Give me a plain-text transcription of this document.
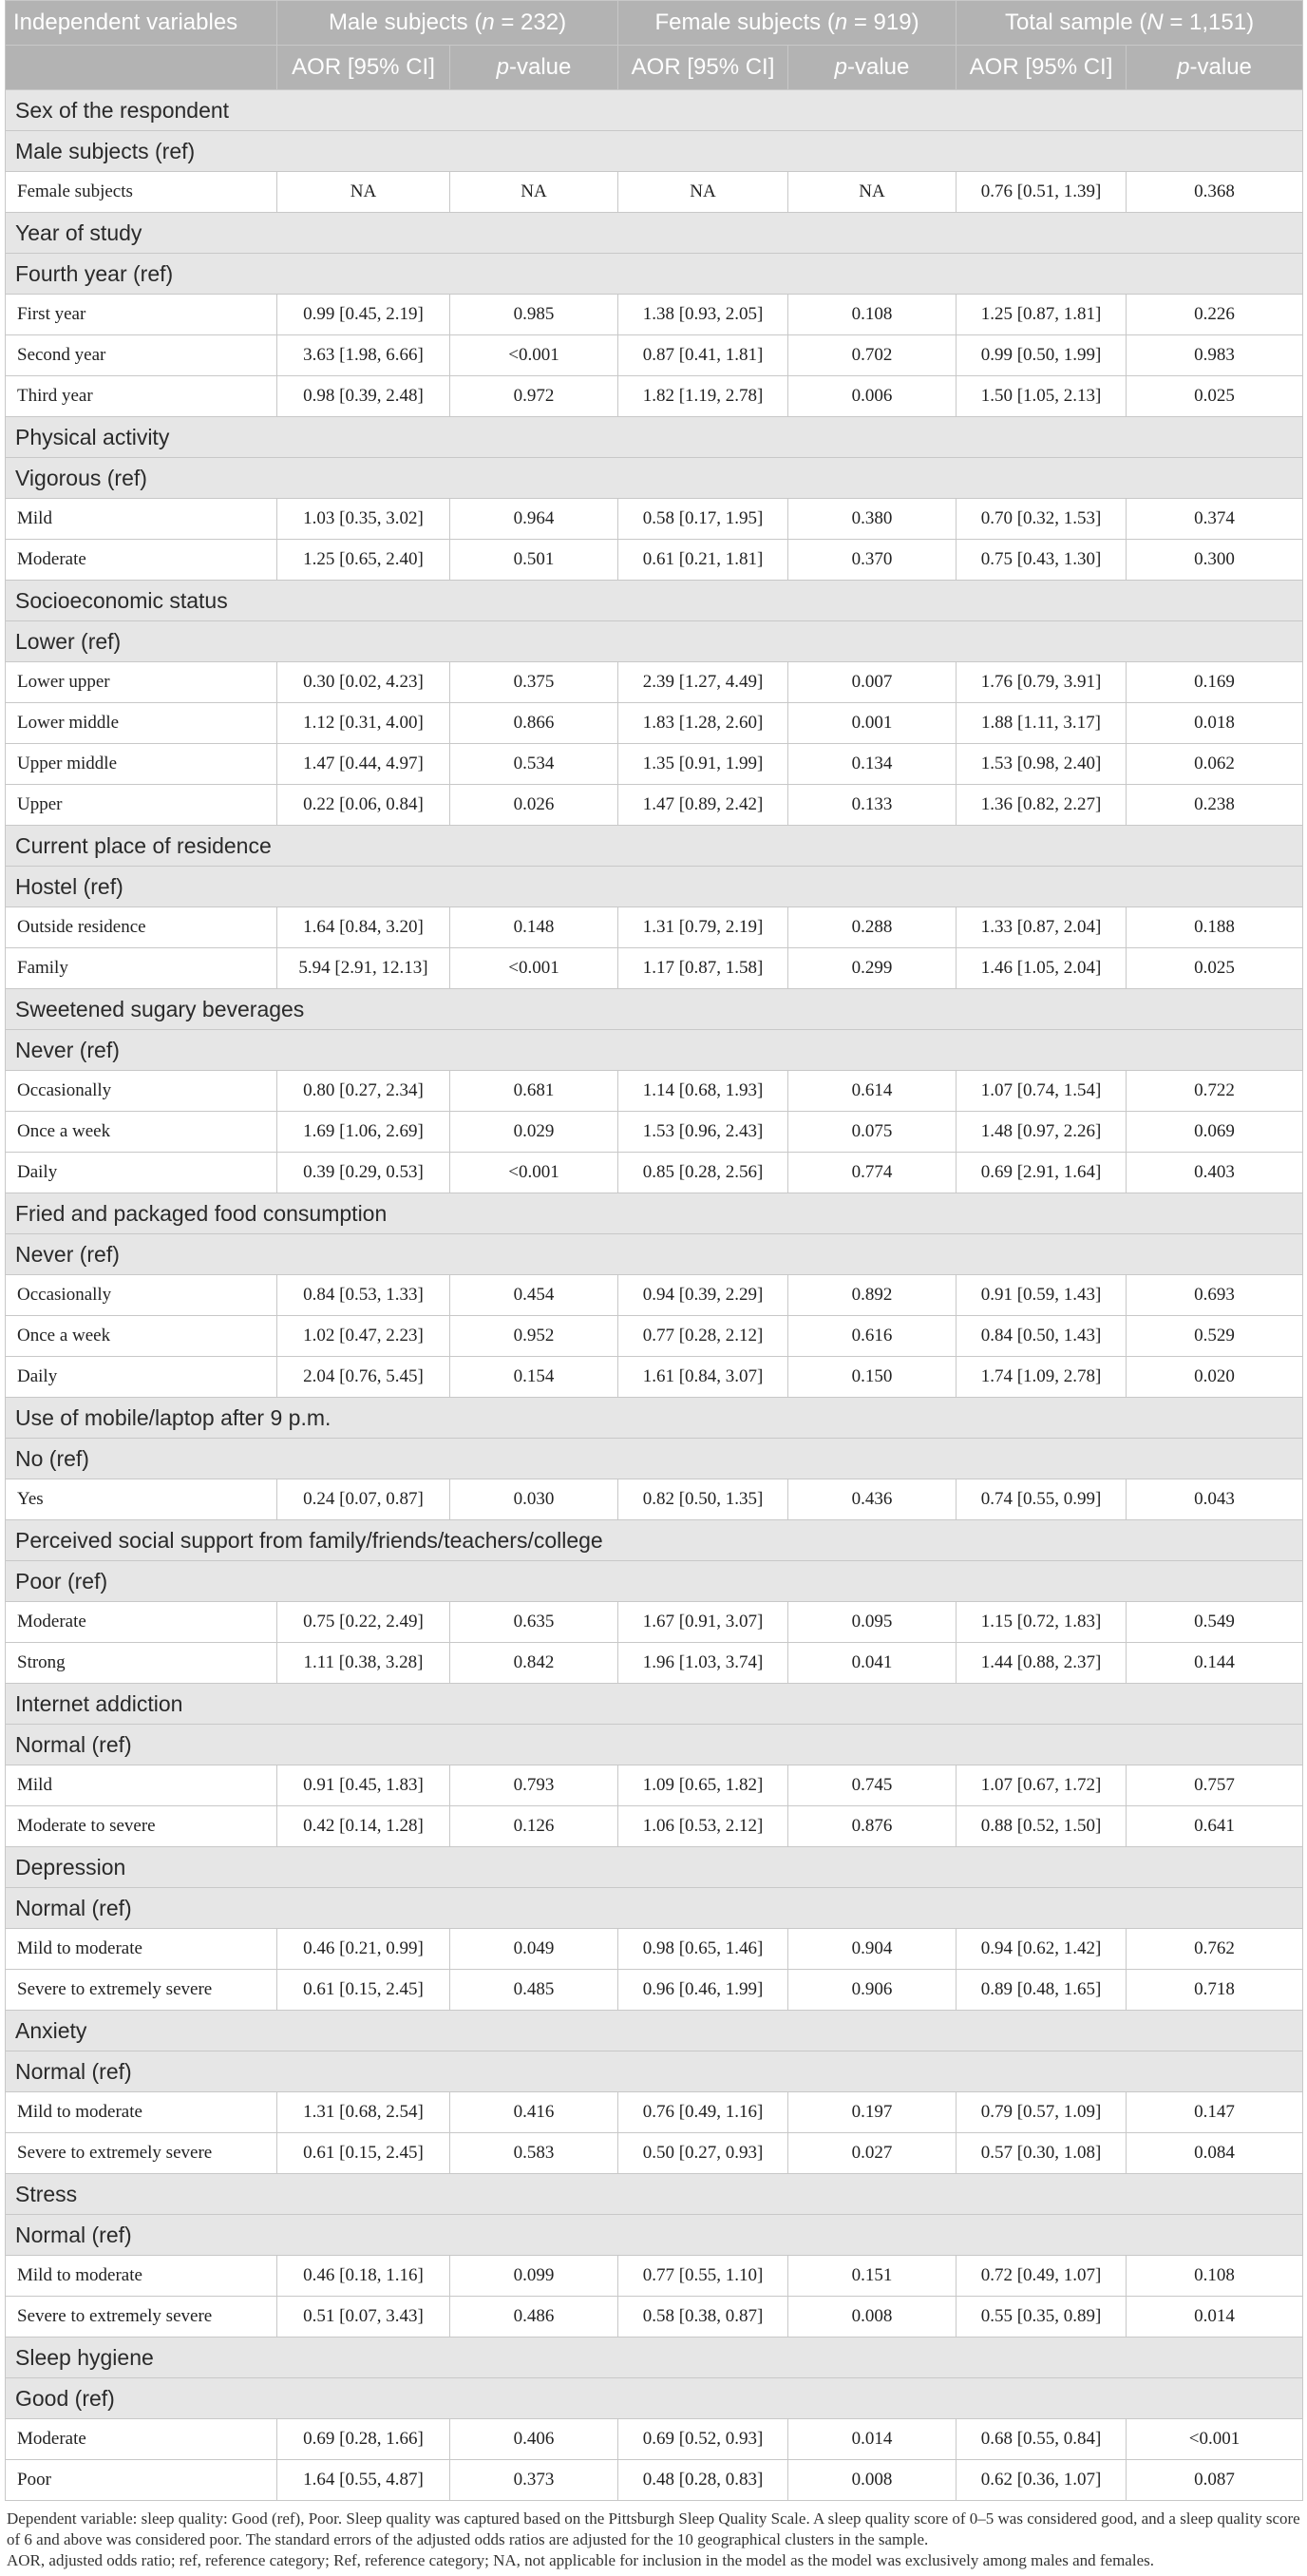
Independent variables	Male subjects (n = 232)		Female subjects (n = 919)		Total sample (N = 1,151)	
	AOR [95% CI]	p-value	AOR [95% CI]	p-value	AOR [95% CI]	p-value
Sex of the respondent						
Male subjects (ref)						
Female subjects	NA	NA	NA	NA	0.76 [0.51, 1.39]	0.368
Year of study						
Fourth year (ref)						
First year	0.99 [0.45, 2.19]	0.985	1.38 [0.93, 2.05]	0.108	1.25 [0.87, 1.81]	0.226
Second year	3.63 [1.98, 6.66]	<0.001	0.87 [0.41, 1.81]	0.702	0.99 [0.50, 1.99]	0.983
Third year	0.98 [0.39, 2.48]	0.972	1.82 [1.19, 2.78]	0.006	1.50 [1.05, 2.13]	0.025
Physical activity						
Vigorous (ref)						
Mild	1.03 [0.35, 3.02]	0.964	0.58 [0.17, 1.95]	0.380	0.70 [0.32, 1.53]	0.374
Moderate	1.25 [0.65, 2.40]	0.501	0.61 [0.21, 1.81]	0.370	0.75 [0.43, 1.30]	0.300
Socioeconomic status						
Lower (ref)						
Lower upper	0.30 [0.02, 4.23]	0.375	2.39 [1.27, 4.49]	0.007	1.76 [0.79, 3.91]	0.169
Lower middle	1.12 [0.31, 4.00]	0.866	1.83 [1.28, 2.60]	0.001	1.88 [1.11, 3.17]	0.018
Upper middle	1.47 [0.44, 4.97]	0.534	1.35 [0.91, 1.99]	0.134	1.53 [0.98, 2.40]	0.062
Upper	0.22 [0.06, 0.84]	0.026	1.47 [0.89, 2.42]	0.133	1.36 [0.82, 2.27]	0.238
Current place of residence						
Hostel (ref)						
Outside residence	1.64 [0.84, 3.20]	0.148	1.31 [0.79, 2.19]	0.288	1.33 [0.87, 2.04]	0.188
Family	5.94 [2.91, 12.13]	<0.001	1.17 [0.87, 1.58]	0.299	1.46 [1.05, 2.04]	0.025
Sweetened sugary beverages						
Never (ref)						
Occasionally	0.80 [0.27, 2.34]	0.681	1.14 [0.68, 1.93]	0.614	1.07 [0.74, 1.54]	0.722
Once a week	1.69 [1.06, 2.69]	0.029	1.53 [0.96, 2.43]	0.075	1.48 [0.97, 2.26]	0.069
Daily	0.39 [0.29, 0.53]	<0.001	0.85 [0.28, 2.56]	0.774	0.69 [2.91, 1.64]	0.403
Fried and packaged food consumption						
Never (ref)						
Occasionally	0.84 [0.53, 1.33]	0.454	0.94 [0.39, 2.29]	0.892	0.91 [0.59, 1.43]	0.693
Once a week	1.02 [0.47, 2.23]	0.952	0.77 [0.28, 2.12]	0.616	0.84 [0.50, 1.43]	0.529
Daily	2.04 [0.76, 5.45]	0.154	1.61 [0.84, 3.07]	0.150	1.74 [1.09, 2.78]	0.020
Use of mobile/laptop after 9 p.m.						
No (ref)						
Yes	0.24 [0.07, 0.87]	0.030	0.82 [0.50, 1.35]	0.436	0.74 [0.55, 0.99]	0.043
Perceived social support from family/friends/teachers/college						
Poor (ref)						
Moderate	0.75 [0.22, 2.49]	0.635	1.67 [0.91, 3.07]	0.095	1.15 [0.72, 1.83]	0.549
Strong	1.11 [0.38, 3.28]	0.842	1.96 [1.03, 3.74]	0.041	1.44 [0.88, 2.37]	0.144
Internet addiction						
Normal (ref)						
Mild	0.91 [0.45, 1.83]	0.793	1.09 [0.65, 1.82]	0.745	1.07 [0.67, 1.72]	0.757
Moderate to severe	0.42 [0.14, 1.28]	0.126	1.06 [0.53, 2.12]	0.876	0.88 [0.52, 1.50]	0.641
Depression						
Normal (ref)						
Mild to moderate	0.46 [0.21, 0.99]	0.049	0.98 [0.65, 1.46]	0.904	0.94 [0.62, 1.42]	0.762
Severe to extremely severe	0.61 [0.15, 2.45]	0.485	0.96 [0.46, 1.99]	0.906	0.89 [0.48, 1.65]	0.718
Anxiety						
Normal (ref)						
Mild to moderate	1.31 [0.68, 2.54]	0.416	0.76 [0.49, 1.16]	0.197	0.79 [0.57, 1.09]	0.147
Severe to extremely severe	0.61 [0.15, 2.45]	0.583	0.50 [0.27, 0.93]	0.027	0.57 [0.30, 1.08]	0.084
Stress						
Normal (ref)						
Mild to moderate	0.46 [0.18, 1.16]	0.099	0.77 [0.55, 1.10]	0.151	0.72 [0.49, 1.07]	0.108
Severe to extremely severe	0.51 [0.07, 3.43]	0.486	0.58 [0.38, 0.87]	0.008	0.55 [0.35, 0.89]	0.014
Sleep hygiene						
Good (ref)						
Moderate	0.69 [0.28, 1.66]	0.406	0.69 [0.52, 0.93]	0.014	0.68 [0.55, 0.84]	<0.001
Poor	1.64 [0.55, 4.87]	0.373	0.48 [0.28, 0.83]	0.008	0.62 [0.36, 1.07]	0.087
Dependent variable: sleep quality: Good (ref), Poor. Sleep quality was captured based on the Pittsburgh Sleep Quality Scale. A sleep quality score of 0–5 was considered good, and a sleep quality score of 6 and above was considered poor. The standard errors of the adjusted odds ratios are adjusted for the 10 geographical clusters in the sample.
AOR, adjusted odds ratio; ref, reference category; Ref, reference category; NA, not applicable for inclusion in the model as the model was exclusively among males and females.
